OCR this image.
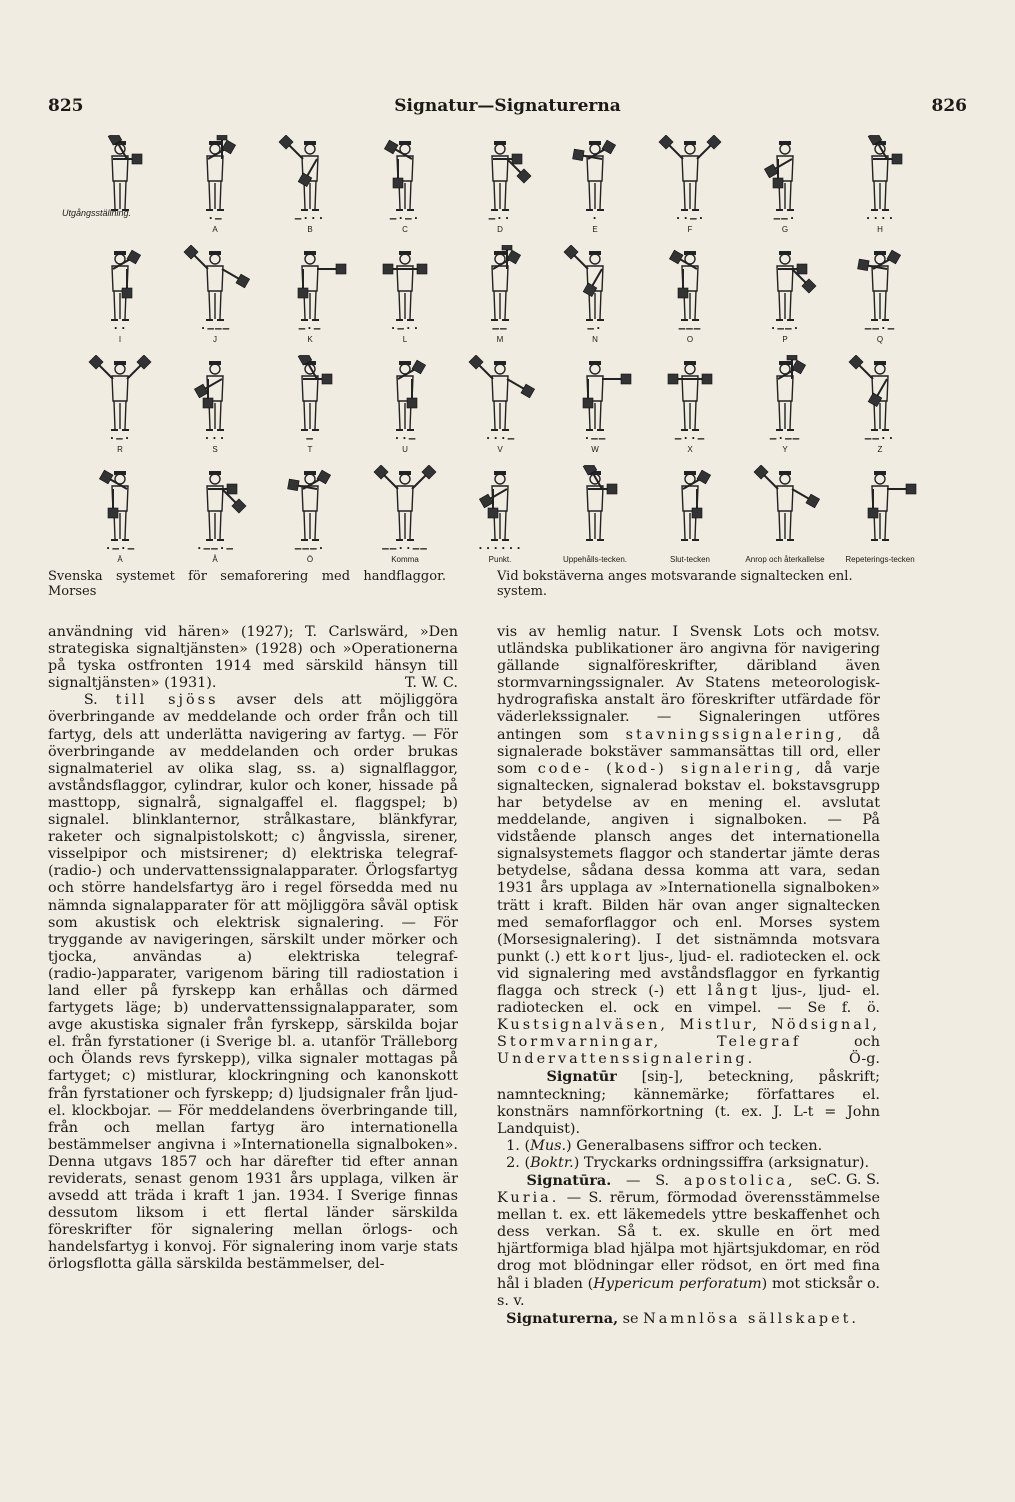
825	Signatur—Signaturerna	826
Utgångsställning.	·—
A
—···
B
—·—·
C
—··
D
·
E
··—·
F
——·
G
····
H
··
I
·———
J
—·—
K
·—··
L
——
M
—·
N
———
O
·——·
P
——·—
Q
·—·
R
···
S
—
T
··—
U
···—
V
·——
W
—··—
X
—·——
Y
——··
Z
·—·—
Ä
·——·—
Å
———·
Ö
——··——
Komma
······
Punkt.	Uppehålls-tecken.	Slut-tecken	Anrop och återkallelse	Repeterings-tecken
Svenska systemet för semaforering med handflaggor. Morses
Vid bokstäverna anges motsvarande signaltecken enl. system.

användning vid hären» (1927); T. Carlswärd, »Den strategiska signaltjänsten» (1928) och »Operationerna på tyska ostfronten 1914 med särskild hänsyn till signaltjänsten» (1931).	T. W. C.

S. till sjöss avser dels att möjliggöra överbringande av meddelande och order från och till fartyg, dels att underlätta navigering av fartyg. — För överbringande av meddelanden och order brukas signalmateriel av olika slag, ss. a) signalflaggor, avståndsflaggor, cylindrar, kulor och koner, hissade på masttopp, signalrå, signalgaffel el. flaggspel; b) signalel. blinklanternor, strålkastare, blänkfyrar, raketer och signalpistolskott; c) ångvissla, sirener, visselpipor och mistsirener; d) elektriska telegraf- (radio-) och undervattenssignalapparater. Örlogsfartyg och större handelsfartyg äro i regel försedda med nu nämnda signalapparater för att möjliggöra såväl optisk som akustisk och elektrisk signalering. — För tryggande av navigeringen, särskilt under mörker och tjocka, användas a) elektriska telegraf-(radio-)apparater, varigenom bäring till radiostation i land eller på fyrskepp kan erhållas och därmed fartygets läge; b) undervattenssignalapparater, som avge akustiska signaler från fyrskepp, särskilda bojar el. från fyrstationer (i Sverige bl. a. utanför Trälleborg och Ölands revs fyrskepp), vilka signaler mottagas på fartyget; c) mistlurar, klockringning och kanonskott från fyrstationer och fyrskepp; d) ljudsignaler från ljud- el. klockbojar. — För meddelandens överbringande till, från och mellan fartyg äro internationella bestämmelser angivna i »Internationella signalboken». Denna utgavs 1857 och har därefter tid efter annan reviderats, senast genom 1931 års upplaga, vilken är avsedd att träda i kraft 1 jan. 1934. I Sverige finnas dessutom liksom i ett flertal länder särskilda föreskrifter för signalering mellan örlogs- och handelsfartyg i konvoj. För signalering inom varje stats örlogsflotta gälla särskilda bestämmelser, del-

vis av hemlig natur. I Svensk Lots och motsv. utländska publikationer äro angivna för navigering gällande signalföreskrifter, däribland även stormvarningssignaler. Av Statens meteorologisk-hydrografiska anstalt äro föreskrifter utfärdade för väderlekssignaler. — Signaleringen utföres antingen som stavningssignalering, då signalerade bokstäver sammansättas till ord, eller som code- (kod-) signalering, då varje signaltecken, signalerad bokstav el. bokstavsgrupp har betydelse av en mening el. avslutat meddelande, angiven i signalboken. — På vidstående plansch anges det internationella signalsystemets flaggor och standertar jämte deras betydelse, sådana dessa komma att vara, sedan 1931 års upplaga av »Internationella signalboken» trätt i kraft. Bilden här ovan anger signaltecken med semaforflaggor och enl. Morses system (Morsesignalering). I det sistnämnda motsvara punkt (.) ett kort ljus-, ljud- el. radiotecken el. ock vid signalering med avståndsflaggor en fyrkantig flagga och streck (-) ett långt ljus-, ljud- el. radiotecken el. ock en vimpel. — Se f. ö. Kustsignalväsen, Mistlur, Nödsignal, Stormvarningar, Telegraf	och Undervattenssignalering.	Ö-g.

Signatūr [siŋ-], beteckning, påskrift; namnteckning; kännemärke; författares el. konstnärs namnförkortning (t. ex. J. L-t = John Landquist).

1. (Mus.) Generalbasens siffror och tecken.

2. (Boktr.) Tryckarks ordningssiffra (arksignatur).
C. G. S.

Signatūra. — S. apostolica, se Kuria. — S. rērum, förmodad överensstämmelse mellan t. ex. ett läkemedels yttre beskaffenhet och dess verkan. Så t. ex. skulle en ört med hjärtformiga blad hjälpa mot hjärtsjukdomar, en röd drog mot blödningar eller rödsot, en ört med fina hål i bladen (Hypericum perforatum) mot sticksår o. s. v.

Signaturerna, se Namnlösa sällskapet.
